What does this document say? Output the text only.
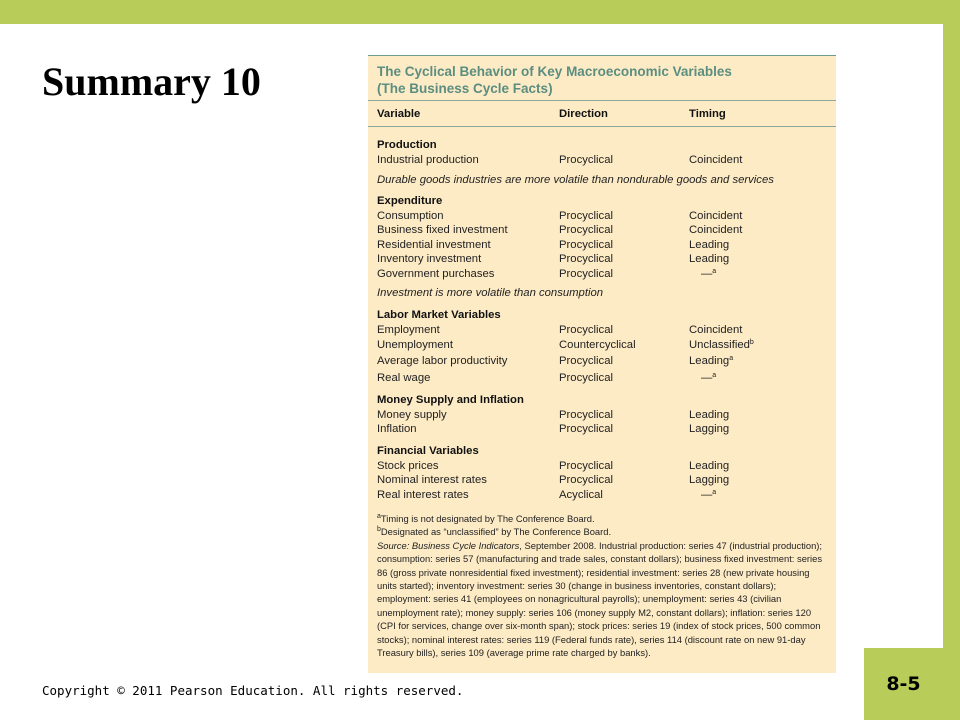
Summary 10	The Cyclical Behavior of Key Macroeconomic Variables
(The Business Cycle Facts)
Variable	Direction	Timing
Production
Industrial production	Procyclical	Coincident
Durable goods industries are more volatile than nondurable goods and services
Expenditure
Consumption	Procyclical	Coincident
Business fixed investment	Procyclical	Coincident
Residential investment	Procyclical	Leading
Inventory investment	Procyclical	Leading
Government purchases	Procyclical	—$^a$
Investment is more volatile than consumption
Labor Market Variables
Employment	Procyclical	Coincident
Unemployment	Countercyclical	Unclassified$^b$
Average labor productivity	Procyclical	Leading$^a$
Real wage	Procyclical	—$^a$
Money Supply and Inflation
Money supply	Procyclical	Leading
Inflation	Procyclical	Lagging
Financial Variables
Stock prices	Procyclical	Leading
Nominal interest rates	Procyclical	Lagging
Real interest rates	Acyclical	—$^a$

$^a$Timing is not designated by The Conference Board.

$^b$Designated as “unclassified” by The Conference Board.

Source: Business Cycle Indicators, September 2008. Industrial production: series 47 (industrial production); consumption: series 57 (manufacturing and trade sales, constant dollars); business fixed investment: series 86 (gross private nonresidential fixed investment); residential investment: series 28 (new private housing units started); inventory investment: series 30 (change in business inventories, constant dollars); employment: series 41 (employees on nonagricultural payrolls); unemployment: series 43 (civilian unemployment rate); money supply: series 106 (money supply M2, constant dollars); inflation: series 120 (CPI for services, change over six-month span); stock prices: series 19 (index of stock prices, 500 common stocks); nominal interest rates: series 119 (Federal funds rate), series 114 (discount rate on new 91-day Treasury bills), series 109 (average prime rate charged by banks).

Copyright © 2011 Pearson Education. All rights reserved.	8-5
